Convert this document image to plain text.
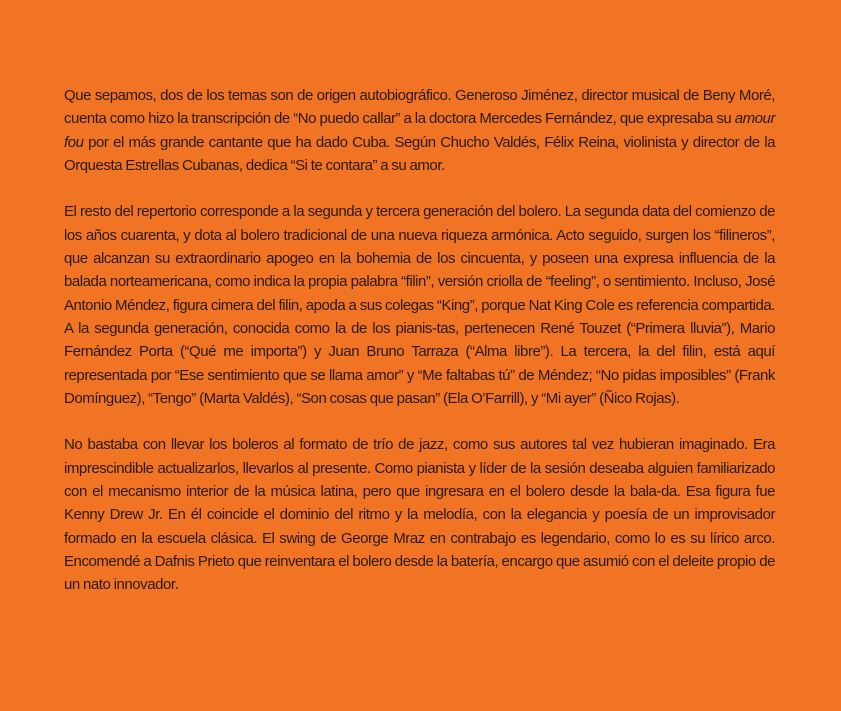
Que sepamos, dos de los temas son de origen autobiográfico. Generoso Jiménez, director musical de Beny Moré, cuenta como hizo la transcripción de “No puedo callar” a la doctora Mercedes Fernández, que expresaba su amour fou por el más grande cantante que ha dado Cuba. Según Chucho Valdés, Félix Reina, violinista y director de la Orquesta Estrellas Cubanas, dedica “Si te contara” a su amor.

El resto del repertorio corresponde a la segunda y tercera generación del bolero. La segunda data del comienzo de los años cuarenta, y dota al bolero tradicional de una nueva riqueza armónica. Acto seguido, surgen los “filineros”, que alcanzan su extraordinario apogeo en la bohemia de los cincuenta, y poseen una expresa influencia de la balada norteamericana, como indica la propia palabra “filin”, versión criolla de “feeling”, o sentimiento. Incluso, José Antonio Méndez, figura cimera del filin, apoda a sus colegas “King”, porque Nat King Cole es referencia compartida. A la segunda generación, conocida como la de los pianis-tas, pertenecen René Touzet (“Primera lluvia”), Mario Fernández Porta (“Qué me importa”) y Juan Bruno Tarraza (“Alma libre”). La tercera, la del filin, está aquí representada por “Ese sentimiento que se llama amor” y “Me faltabas tú” de Méndez; “No pidas imposibles” (Frank Domínguez), “Tengo” (Marta Valdés), “Son cosas que pasan” (Ela O’Farrill), y “Mi ayer” (Ñico Rojas).

No bastaba con llevar los boleros al formato de trío de jazz, como sus autores tal vez hubieran imaginado. Era imprescindible actualizarlos, llevarlos al presente. Como pianista y líder de la sesión deseaba alguien familiarizado con el mecanismo interior de la música latina, pero que ingresara en el bolero desde la bala-da. Esa figura fue Kenny Drew Jr. En él coincide el dominio del ritmo y la melodía, con la elegancia y poesía de un improvisador formado en la escuela clásica. El swing de George Mraz en contrabajo es legendario, como lo es su lírico arco. Encomendé a Dafnis Prieto que reinventara el bolero desde la batería, encargo que asumió con el deleite propio de un nato innovador.
